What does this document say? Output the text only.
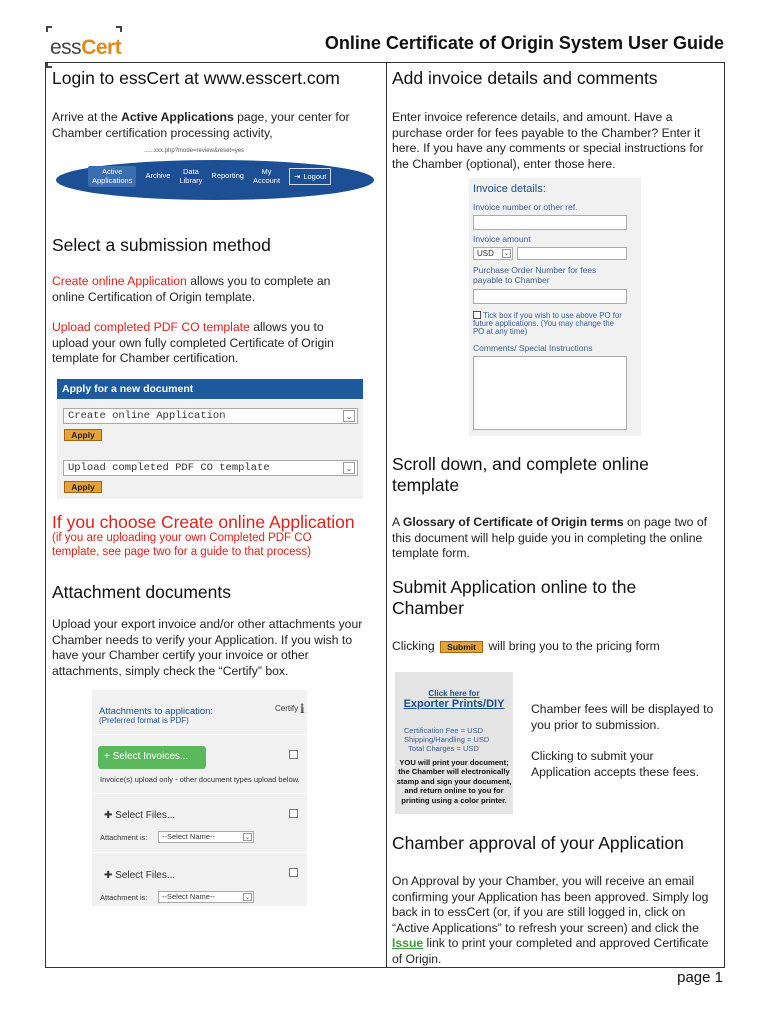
essCert	Online Certificate of Origin System User Guide
Login to essCert at www.esscert.com
Arrive at the Active Applications page, your center for Chamber certification processing activity,
......xxx.php?mode=review&reset=yes
Active
Applications	Archive	Data
Library Reporting	My
Account ⇥ Logout
Select a submission method
Create online Application allows you to complete an online Certification of Origin template.
Upload completed PDF CO template allows you to upload your own fully completed Certificate of Origin template for Chamber certification.
Apply for a new document
Create online Application	⌄
Apply
Upload completed PDF CO template	⌄
Apply
If you choose Create online Application
(if you are uploading your own Completed PDF CO template, see page two for a guide to that process)
Attachment documents
Upload your export invoice and/or other attachments your Chamber needs to verify your Application. If you wish to have your Chamber certify your invoice or other attachments, simply check the “Certify” box.
Attachments to application:
(Preferred format is PDF)
Certify i
+ Select Invoices...
Invoice(s) upload only - other document types upload below.
✚ Select Files...
Attachment is:	--Select Name--	⌄
✚ Select Files...
Attachment is:	--Select Name--	⌄
Add invoice details and comments
Enter invoice reference details, and amount. Have a purchase order for fees payable to the Chamber? Enter it here. If you have any comments or special instructions for the Chamber (optional), enter those here.
Invoice details:
Invoice number or other ref.
Invoice amount
USD	⌄
Purchase Order Number for fees
payable to Chamber
Tick box if you wish to use above PO for
future applications. (You may change the
PO at any time)
Comments/ Special Instructions
Scroll down, and complete online
template
A Glossary of Certificate of Origin terms on page two of this document will help guide you in completing the online template form.
Submit Application online to the
Chamber
Clicking Submit will bring you to the pricing form
Click here for
Exporter Prints/DIY
Certification Fee = USD
Shipping/Handling = USD
Total Charges = USD
YOU will print your document;
the Chamber will electronically
stamp and sign your document,
and return online to you for
printing using a color printer.
Chamber fees will be displayed to you prior to submission.
Clicking to submit your Application accepts these fees.
Chamber approval of your Application
On Approval by your Chamber, you will receive an email confirming your Application has been approved. Simply log back in to essCert (or, if you are still logged in, click on “Active Applications” to refresh your screen) and click the Issue link to print your completed and approved Certificate of Origin.
page 1
